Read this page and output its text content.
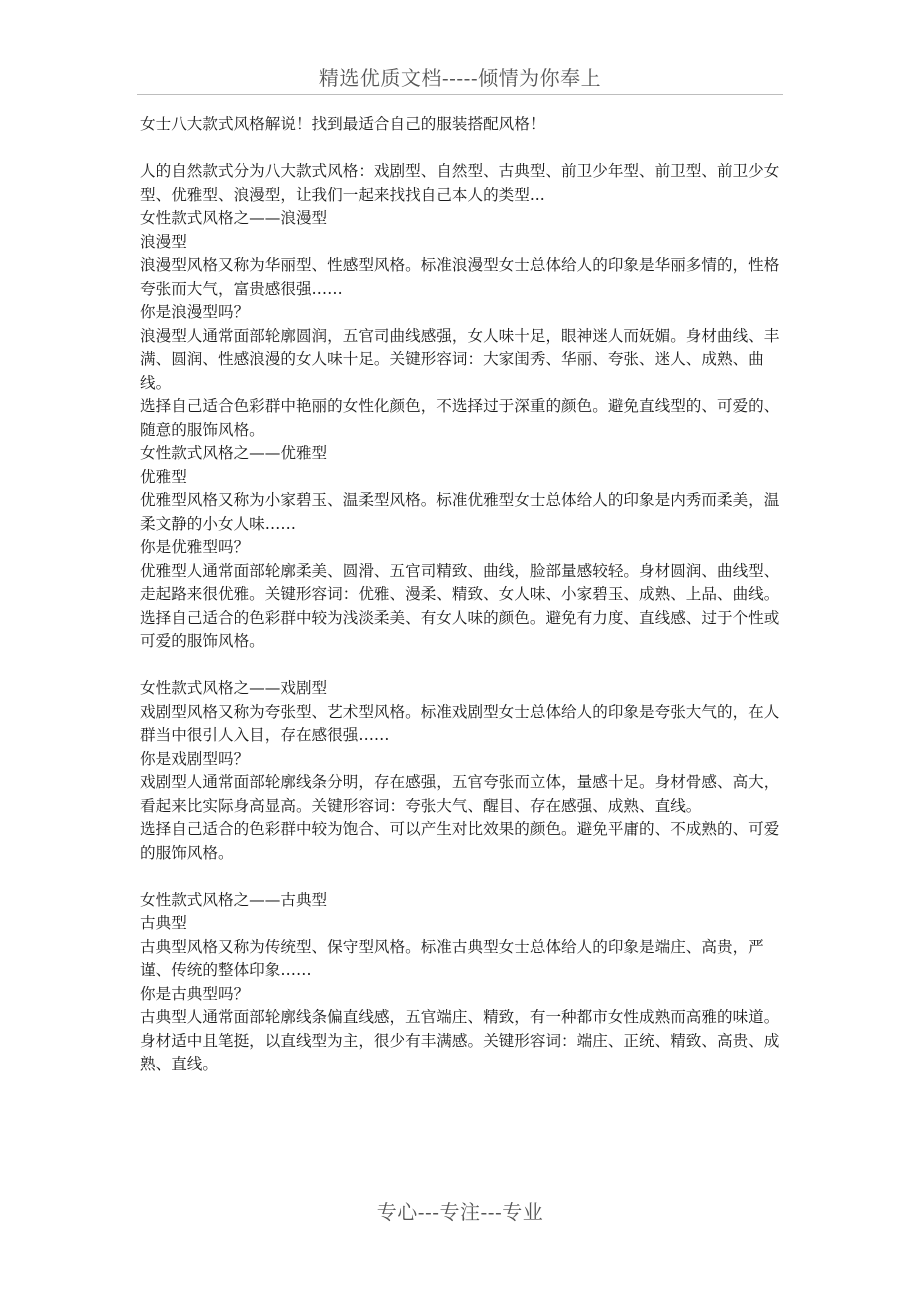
精选优质文档-----倾情为你奉上

女士八大款式风格解说！找到最适合自己的服装搭配风格！

人的自然款式分为八大款式风格：戏剧型、自然型、古典型、前卫少年型、前卫型、前卫少女型、优雅型、浪漫型，让我们一起来找找自己本人的类型...

女性款式风格之——浪漫型

浪漫型

浪漫型风格又称为华丽型、性感型风格。标准浪漫型女士总体给人的印象是华丽多情的，性格夸张而大气，富贵感很强……

你是浪漫型吗？

浪漫型人通常面部轮廓圆润，五官司曲线感强，女人味十足，眼神迷人而妩媚。身材曲线、丰满、圆润、性感浪漫的女人味十足。关键形容词：大家闺秀、华丽、夸张、迷人、成熟、曲线。

选择自己适合色彩群中艳丽的女性化颜色，不选择过于深重的颜色。避免直线型的、可爱的、随意的服饰风格。

女性款式风格之——优雅型

优雅型

优雅型风格又称为小家碧玉、温柔型风格。标准优雅型女士总体给人的印象是内秀而柔美，温柔文静的小女人味……

你是优雅型吗？

优雅型人通常面部轮廓柔美、圆滑、五官司精致、曲线，脸部量感较轻。身材圆润、曲线型、走起路来很优雅。关键形容词：优雅、漫柔、精致、女人味、小家碧玉、成熟、上品、曲线。

选择自己适合的色彩群中较为浅淡柔美、有女人味的颜色。避免有力度、直线感、过于个性或可爱的服饰风格。

女性款式风格之——戏剧型

戏剧型风格又称为夸张型、艺术型风格。标准戏剧型女士总体给人的印象是夸张大气的，在人群当中很引人入目，存在感很强……

你是戏剧型吗？

戏剧型人通常面部轮廓线条分明，存在感强，五官夸张而立体，量感十足。身材骨感、高大，看起来比实际身高显高。关键形容词：夸张大气、醒目、存在感强、成熟、直线。

选择自己适合的色彩群中较为饱合、可以产生对比效果的颜色。避免平庸的、不成熟的、可爱的服饰风格。

女性款式风格之——古典型

古典型

古典型风格又称为传统型、保守型风格。标准古典型女士总体给人的印象是端庄、高贵，严谨、传统的整体印象……

你是古典型吗？

古典型人通常面部轮廓线条偏直线感，五官端庄、精致，有一种都市女性成熟而高雅的味道。身材适中且笔挺，以直线型为主，很少有丰满感。关键形容词：端庄、正统、精致、高贵、成熟、直线。

专心---专注---专业
